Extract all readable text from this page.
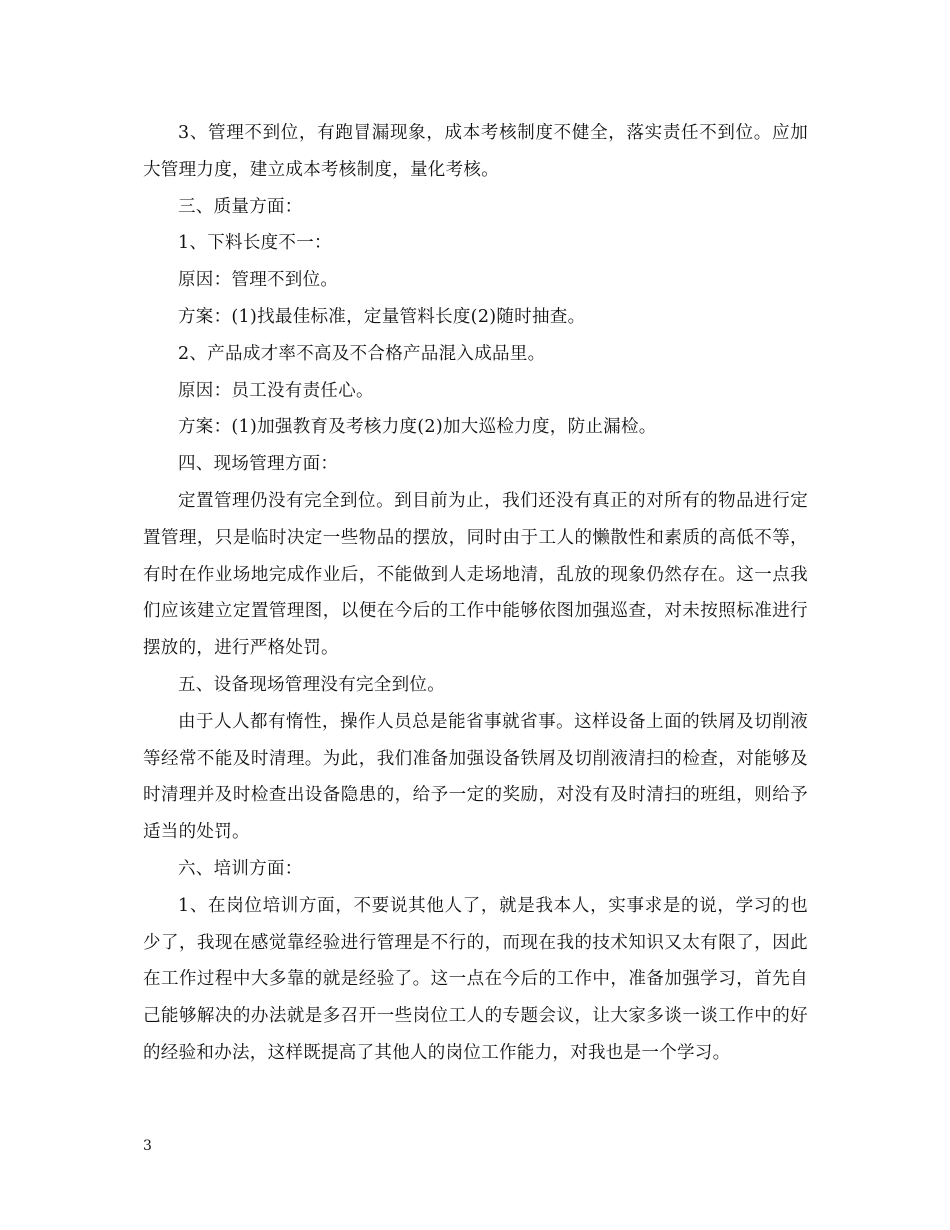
3、管理不到位，有跑冒漏现象，成本考核制度不健全，落实责任不到位。应加大管理力度，建立成本考核制度，量化考核。

三、质量方面：

1、下料长度不一：

原因：管理不到位。

方案：(1)找最佳标准，定量管料长度(2)随时抽查。

2、产品成才率不高及不合格产品混入成品里。

原因：员工没有责任心。

方案：(1)加强教育及考核力度(2)加大巡检力度，防止漏检。

四、现场管理方面：

定置管理仍没有完全到位。到目前为止，我们还没有真正的对所有的物品进行定置管理，只是临时决定一些物品的摆放，同时由于工人的懒散性和素质的高低不等，有时在作业场地完成作业后，不能做到人走场地清，乱放的现象仍然存在。这一点我们应该建立定置管理图，以便在今后的工作中能够依图加强巡查，对未按照标准进行摆放的，进行严格处罚。

五、设备现场管理没有完全到位。

由于人人都有惰性，操作人员总是能省事就省事。这样设备上面的铁屑及切削液等经常不能及时清理。为此，我们准备加强设备铁屑及切削液清扫的检查，对能够及时清理并及时检查出设备隐患的，给予一定的奖励，对没有及时清扫的班组，则给予适当的处罚。

六、培训方面：

1、在岗位培训方面，不要说其他人了，就是我本人，实事求是的说，学习的也少了，我现在感觉靠经验进行管理是不行的，而现在我的技术知识又太有限了，因此在工作过程中大多靠的就是经验了。这一点在今后的工作中，准备加强学习，首先自己能够解决的办法就是多召开一些岗位工人的专题会议，让大家多谈一谈工作中的好的经验和办法，这样既提高了其他人的岗位工作能力，对我也是一个学习。

3
